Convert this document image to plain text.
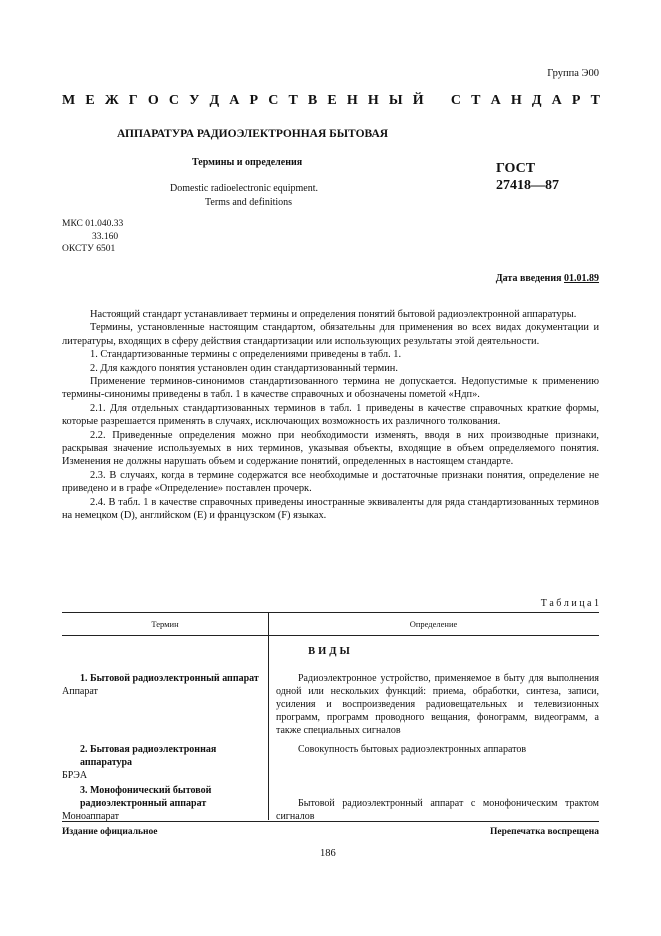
Группа Э00
М Е Ж Г О С У Д А Р С Т В Е Н Н Ы Й
С Т А Н Д А Р Т
АППАРАТУРА РАДИОЭЛЕКТРОННАЯ БЫТОВАЯ
Термины и определения
Domestic radioelectronic equipment.
Terms and definitions
ГОСТ
27418—87
МКС 01.040.33
33.160
ОКСТУ 6501
Дата введения 01.01.89

Настоящий стандарт устанавливает термины и определения понятий бытовой радиоэлектронной аппаратуры.

Термины, установленные настоящим стандартом, обязательны для применения во всех видах документации и литературы, входящих в сферу действия стандартизации или использующих результаты этой деятельности.

1. Стандартизованные термины с определениями приведены в табл. 1.

2. Для каждого понятия установлен один стандартизованный термин.

Применение терминов-синонимов стандартизованного термина не допускается. Недопустимые к применению термины-синонимы приведены в табл. 1 в качестве справочных и обозначены пометой «Ндп».

2.1. Для отдельных стандартизованных терминов в табл. 1 приведены в качестве справочных краткие формы, которые разрешается применять в случаях, исключающих возможность их различного толкования.

2.2. Приведенные определения можно при необходимости изменять, вводя в них производные признаки, раскрывая значение используемых в них терминов, указывая объекты, входящие в объем определяемого понятия. Изменения не должны нарушать объем и содержание понятий, определенных в настоящем стандарте.

2.3. В случаях, когда в термине содержатся все необходимые и достаточные признаки понятия, определение не приведено и в графе «Определение» поставлен прочерк.

2.4. В табл. 1 в качестве справочных приведены иностранные эквиваленты для ряда стандартизованных терминов на немецком (D), английском (E) и французском (F) языках.

Т а б л и ц а 1
Термин	Определение
ВИДЫ
1. Бытовой радиоэлектронный аппарат
Аппарат
Радиоэлектронное устройство, применяемое в быту для выполнения одной или нескольких функций: приема, обработки, синтеза, записи, усиления и воспроизведения радиовещательных и телевизионных программ, программ проводного вещания, фонограмм, видеограмм, а также специальных сигналов
2. Бытовая радиоэлектронная аппаратура
БРЭА
Совокупность бытовых радиоэлектронных аппаратов
3. Монофонический бытовой радиоэлектронный аппарат
Моноаппарат
Бытовой радиоэлектронный аппарат с монофоническим трактом сигналов
Издание официальное	Перепечатка воспрещена
186
